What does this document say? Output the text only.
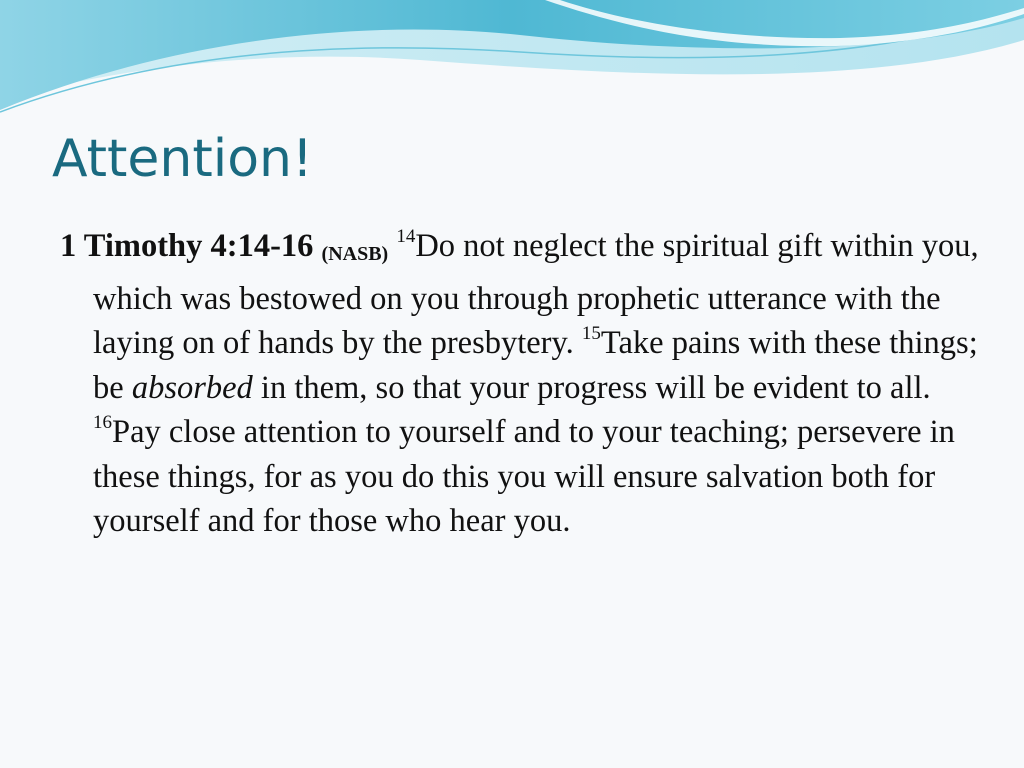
Attention!

1 Timothy 4:14-16 (NASB) $^{14}$Do not neglect the spiritual gift within you, which was bestowed on you through prophetic utterance with the laying on of hands by the presbytery. $^{15}$Take pains with these things; be absorbed in them, so that your progress will be evident to all.
$^{16}$Pay close attention to yourself and to your teaching; persevere in these things, for as you do this you will ensure salvation both for yourself and for those who hear you.
